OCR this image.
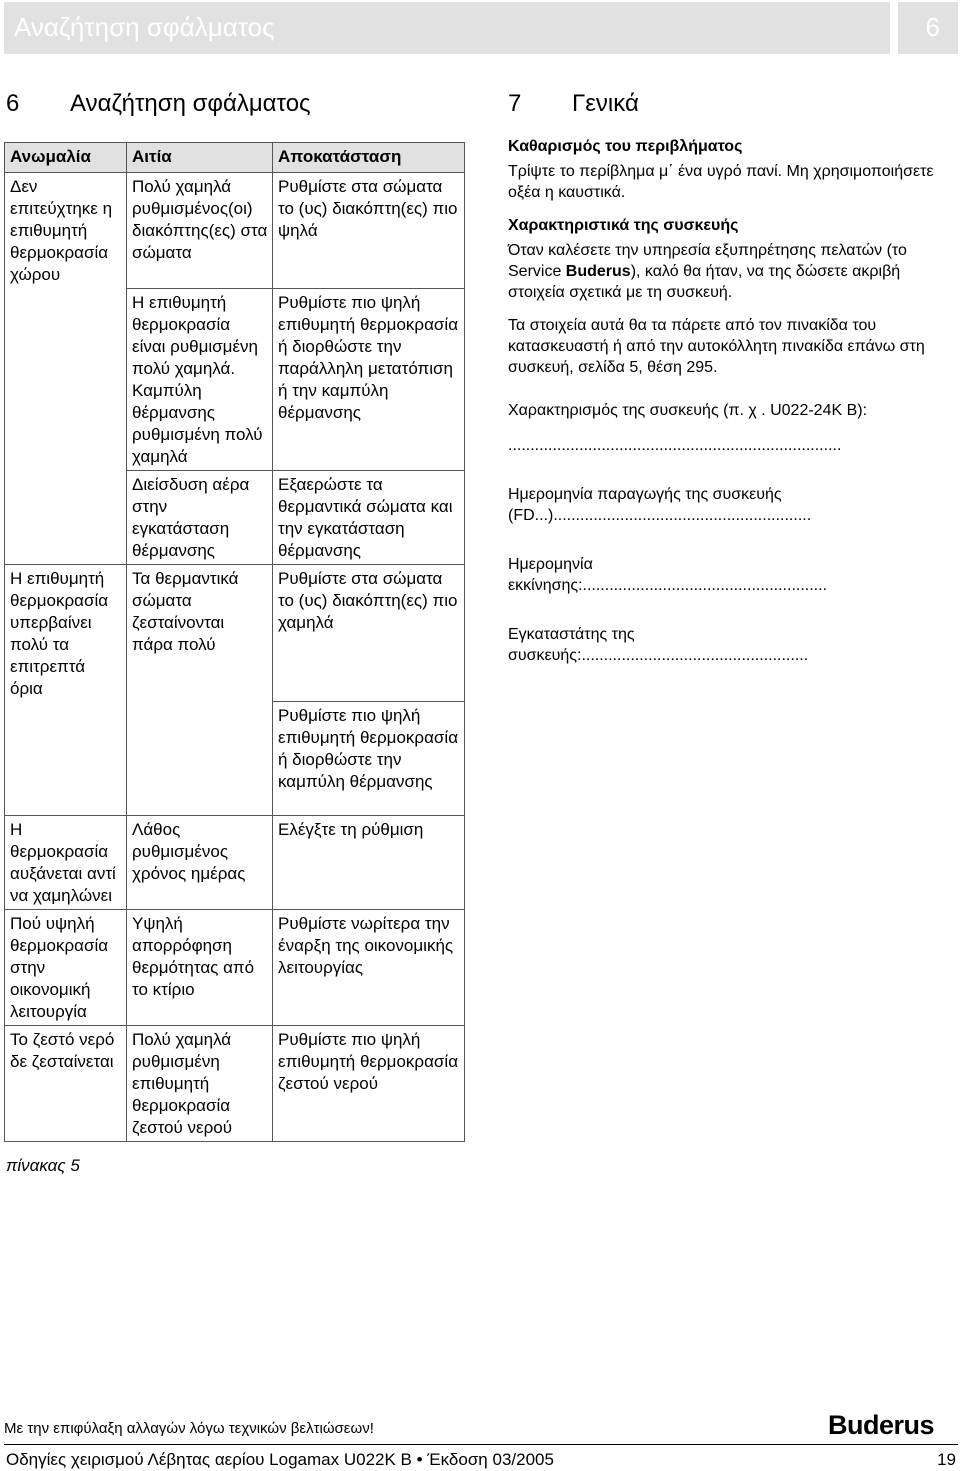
Αναζήτηση σφάλματος	6
6 Αναζήτηση σφάλματος	7 Γενικά
Ανωμαλία	Αιτία	Αποκατάσταση
Δεν επιτεύχτηκε η επιθυμητή θερμοκρασία χώρου	Πολύ χαμηλά ρυθμισμένος(οι) διακόπτης(ες) στα σώματα	Ρυθμίστε στα σώματα το (υς) διακόπτη(ες) πιο ψηλά
	Η επιθυμητή θερμοκρασία είναι ρυθμισμένη πολύ χαμηλά. Καμπύλη θέρμανσης ρυθμισμένη πολύ χαμηλά	Ρυθμίστε πιο ψηλή επιθυμητή θερμοκρασία ή διορθώστε την παράλληλη μετατόπιση ή την καμπύλη θέρμανσης
	Διείσδυση αέρα στην εγκατάσταση θέρμανσης	Εξαερώστε τα θερμαντικά σώματα και την εγκατάσταση θέρμανσης
Η επιθυμητή θερμοκρασία υπερβαίνει πολύ τα επιτρεπτά όρια	Τα θερμαντικά σώματα ζεσταίνονται πάρα πολύ	Ρυθμίστε στα σώματα το (υς) διακόπτη(ες) πιο χαμηλά
		Ρυθμίστε πιο ψηλή επιθυμητή θερμοκρασία ή διορθώστε την καμπύλη θέρμανσης
Η θερμοκρασία αυξάνεται αντί να χαμηλώνει	Λάθος ρυθμισμένος χρόνος ημέρας	Ελέγξτε τη ρύθμιση
Πού υψηλή θερμοκρασία στην οικονομική λειτουργία	Υψηλή απορρόφηση θερμότητας από το κτίριο	Ρυθμίστε νωρίτερα την έναρξη της οικονομικής λειτουργίας
Το ζεστό νερό δε ζεσταίνεται	Πολύ χαμηλά ρυθμισμένη επιθυμητή θερμοκρασία ζεστού νερού	Ρυθμίστε πιο ψηλή επιθυμητή θερμοκρασία ζεστού νερού
πίνακας 5
Καθαρισμός του περιβλήματος

Τρίψτε το περίβλημα μ΄ ένα υγρό πανί. Μη χρησιμοποιήσετε οξέα η καυστικά.

Χαρακτηριστικά της συσκευής

Όταν καλέσετε την υπηρεσία εξυπηρέτησης πελατών (το Service Buderus), καλό θα ήταν, να της δώσετε ακριβή στοιχεία σχετικά με τη συσκευή.

Τα στοιχεία αυτά θα τα πάρετε από τον πινακίδα του κατασκευαστή ή από την αυτοκόλλητη πινακίδα επάνω στη συσκευή, σελίδα 5, θέση 295.

Χαρακτηρισμός της συσκευής (π. χ . U022-24K B):

...........................................................................

Ημερομηνία παραγωγής της συσκευής (FD...)..........................................................

Ημερομηνία εκκίνησης:.......................................................

Εγκαταστάτης της συσκευής:...................................................

Με την επιφύλαξη αλλαγών λόγω τεχνικών βελτιώσεων!	Buderus
Οδηγίες χειρισμού Λέβητας αερίου Logamax U022K B • Έκδοση 03/2005	19
